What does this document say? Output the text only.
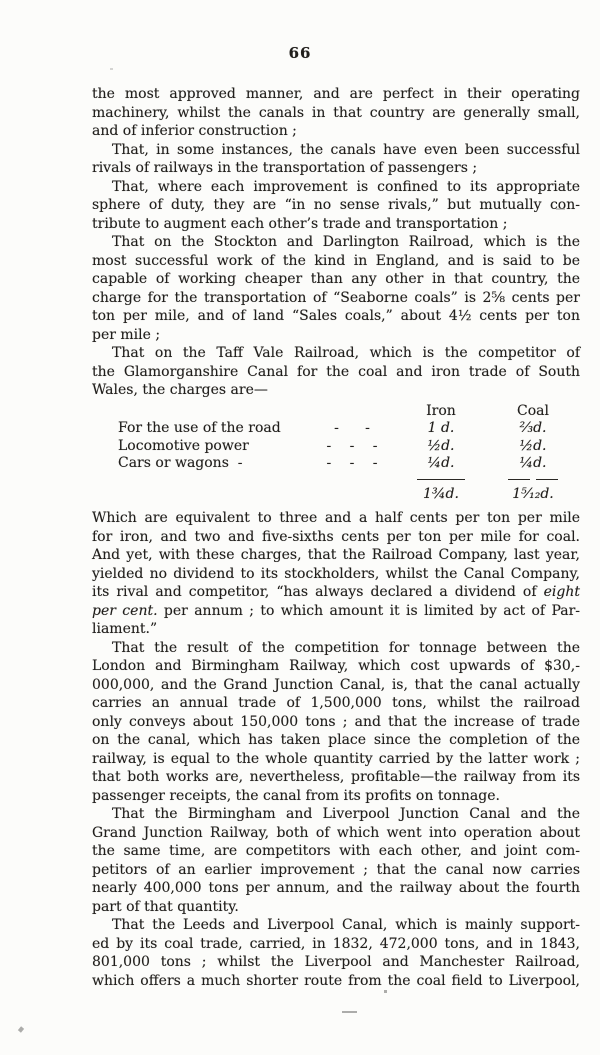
66
the most approved manner, and are perfect in their operating
machinery, whilst the canals in that country are generally small,
and of inferior construction ;
That, in some instances, the canals have even been successful
rivals of railways in the transportation of passengers ;
That, where each improvement is confined to its appropriate
sphere of duty, they are “in no sense rivals,” but mutually con-
tribute to augment each other’s trade and transportation ;
That on the Stockton and Darlington Railroad, which is the
most successful work of the kind in England, and is said to be
capable of working cheaper than any other in that country, the
charge for the transportation of “Seaborne coals” is 2⅝ cents per
ton per mile, and of land “Sales coals,” about 4½ cents per ton
per mile ;
That on the Taff Vale Railroad, which is the competitor of
the Glamorganshire Canal for the coal and iron trade of South
Wales, the charges are—
Iron	Coal
For the use of the road	- -	1 d.	⅔d.
Locomotive power	- - -	½d.	½d.
Cars or wagons  -	- - -	¼d.	¼d.
1¾d.	1⁵⁄₁₂d.
Which are equivalent to three and a half cents per ton per mile
for iron, and two and five-sixths cents per ton per mile for coal.
And yet, with these charges, that the Railroad Company, last year,
yielded no dividend to its stockholders, whilst the Canal Company,
its rival and competitor, “has always declared a dividend of eight
per cent. per annum ; to which amount it is limited by act of Par-
liament.”
That the result of the competition for tonnage between the
London and Birmingham Railway, which cost upwards of $30,-
000,000, and the Grand Junction Canal, is, that the canal actually
carries an annual trade of 1,500,000 tons, whilst the railroad
only conveys about 150,000 tons ; and that the increase of trade
on the canal, which has taken place since the completion of the
railway, is equal to the whole quantity carried by the latter work ;
that both works are, nevertheless, profitable—the railway from its
passenger receipts, the canal from its profits on tonnage.
That the Birmingham and Liverpool Junction Canal and the
Grand Junction Railway, both of which went into operation about
the same time, are competitors with each other, and joint com-
petitors of an earlier improvement ; that the canal now carries
nearly 400,000 tons per annum, and the railway about the fourth
part of that quantity.
That the Leeds and Liverpool Canal, which is mainly support-
ed by its coal trade, carried, in 1832, 472,000 tons, and in 1843,
801,000 tons ; whilst the Liverpool and Manchester Railroad,
which offers a much shorter route from the coal field to Liverpool,
